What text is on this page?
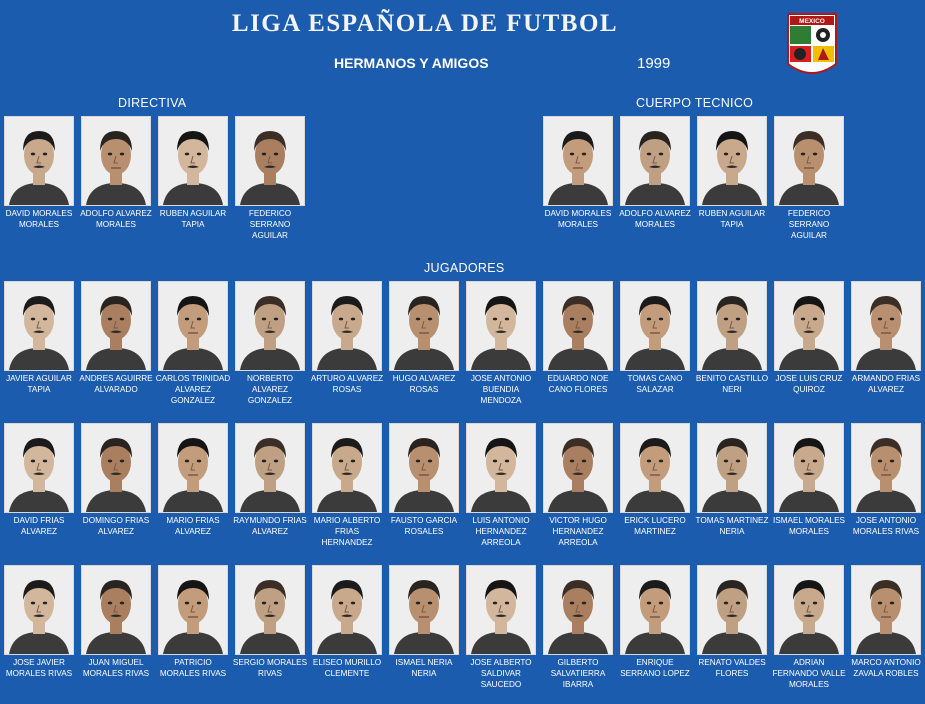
LIGA ESPAÑOLA DE FUTBOL
HERMANOS Y AMIGOS	1999
MEXICO
DIRECTIVA	CUERPO TECNICO
JUGADORES
DAVID MORALES MORALES
ADOLFO ALVAREZ MORALES
RUBEN AGUILAR TAPIA
FEDERICO SERRANO AGUILAR
DAVID MORALES MORALES
ADOLFO ALVAREZ MORALES
RUBEN AGUILAR TAPIA
FEDERICO SERRANO AGUILAR
JAVIER AGUILAR TAPIA
ANDRES AGUIRRE ALVARADO
CARLOS TRINIDAD ALVAREZ GONZALEZ
NORBERTO ALVAREZ GONZALEZ
ARTURO ALVAREZ ROSAS
HUGO ALVAREZ ROSAS
JOSE ANTONIO BUENDIA MENDOZA
EDUARDO NOE CANO FLORES
TOMAS CANO SALAZAR
BENITO CASTILLO NERI
JOSE LUIS CRUZ QUIROZ
ARMANDO FRIAS ALVAREZ
DAVID FRIAS ALVAREZ
DOMINGO FRIAS ALVAREZ
MARIO FRIAS ALVAREZ
RAYMUNDO FRIAS ALVAREZ
MARIO ALBERTO FRIAS HERNANDEZ
FAUSTO GARCIA ROSALES
LUIS ANTONIO HERNANDEZ ARREOLA
VICTOR HUGO HERNANDEZ ARREOLA
ERICK LUCERO MARTINEZ
TOMAS MARTINEZ NERIA
ISMAEL MORALES MORALES
JOSE ANTONIO MORALES RIVAS
JOSE JAVIER MORALES RIVAS
JUAN MIGUEL MORALES RIVAS
PATRICIO MORALES RIVAS
SERGIO MORALES RIVAS
ELISEO MURILLO CLEMENTE
ISMAEL NERIA NERIA
JOSE ALBERTO SALDIVAR SAUCEDO
GILBERTO SALVATIERRA IBARRA
ENRIQUE SERRANO LOPEZ
RENATO VALDES FLORES
ADRIAN FERNANDO VALLE MORALES
MARCO ANTONIO ZAVALA ROBLES
